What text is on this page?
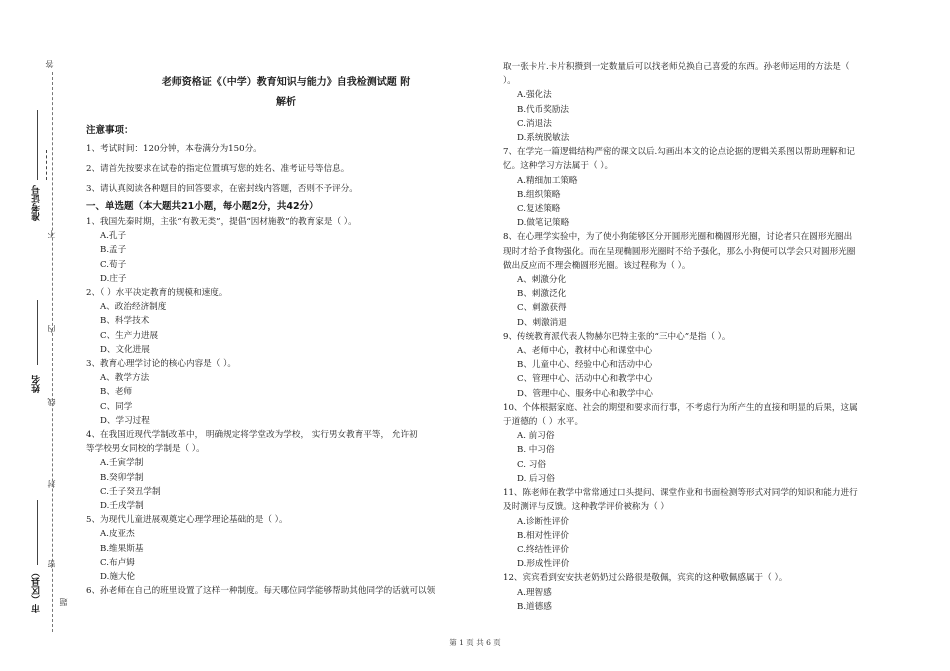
答
准考证号
不
内
姓名
线
封
市（区县）
密
题
老师资格证《（中学）教育知识与能力》自我检测试题 附
解析
注意事项：
1、考试时间：120分钟，本卷满分为150分。
2、请首先按要求在试卷的指定位置填写您的姓名、准考证号等信息。
3、请认真阅读各种题目的回答要求，在密封线内答题，否则不予评分。
一、单选题（本大题共21小题，每小题2分，共42分）
1、我国先秦时期，主张“有教无类”，提倡“因材施教”的教育家是（ ）。
A.孔子
B.孟子
C.荀子
D.庄子
2、（ ）水平决定教育的规模和速度。
A、政治经济制度
B、科学技术
C、生产力进展
D、文化进展
3、教育心理学讨论的核心内容是（ ）。
A、教学方法
B、老师
C、同学
D、学习过程
4、在我国近现代学制改革中， 明确规定将学堂改为学校， 实行男女教育平等， 允许初
等学校男女同校的学制是（ ）。
A.壬寅学制
B.癸卯学制
C.壬子癸丑学制
D.壬戌学制
5、为现代儿童进展观奠定心理学理论基础的是（ ）。
A.皮亚杰
B.维果斯基
C.布卢姆
D.施大伦
6、孙老师在自己的班里设置了这样一种制度。每天哪位同学能够帮助其他同学的话就可以领
取一张卡片.卡片积攒到一定数量后可以找老师兑换自己喜爱的东西。孙老师运用的方法是（
）。
A.强化法
B.代币奖励法
C.消退法
D.系统脱敏法
7、在学完一篇逻辑结构严密的课文以后.勾画出本文的论点论据的逻辑关系图以帮助理解和记
忆。这种学习方法属于（ ）。
A.精细加工策略
B.组织策略
C.复述策略
D.做笔记策略
8、在心理学实验中，为了使小狗能够区分开圆形光圈和椭圆形光圈，讨论者只在圆形光圈出
现时才给予食物强化。而在呈现椭圆形光圈时不给予强化，那么小狗便可以学会只对圆形光圈
做出反应而不理会椭圆形光圈。该过程称为（ ）。
A、刺激分化
B、刺激泛化
C、刺激获得
D、刺激消退
9、传统教育派代表人物赫尔巴特主张的“三中心”是指（ ）。
A、老师中心，教材中心和课堂中心
B、儿童中心、经验中心和活动中心
C、管理中心、活动中心和教学中心
D、管理中心、服务中心和教学中心
10、个体根据家庭、社会的期望和要求而行事，不考虑行为所产生的直接和明显的后果，这属
于道德的（ ）水平。
A. 前习俗
B. 中习俗
C. 习俗
D. 后习俗
11、陈老师在教学中常常通过口头提问、课堂作业和书面检测等形式对同学的知识和能力进行
及时测评与反馈。这种教学评价被称为（ ）
A.诊断性评价
B.相对性评价
C.终结性评价
D.形成性评价
12、宾宾看到安安扶老奶奶过公路很是敬佩，宾宾的这种敬佩感属于（ ）。
A.理智感
B.道德感
第 1 页 共 6 页
